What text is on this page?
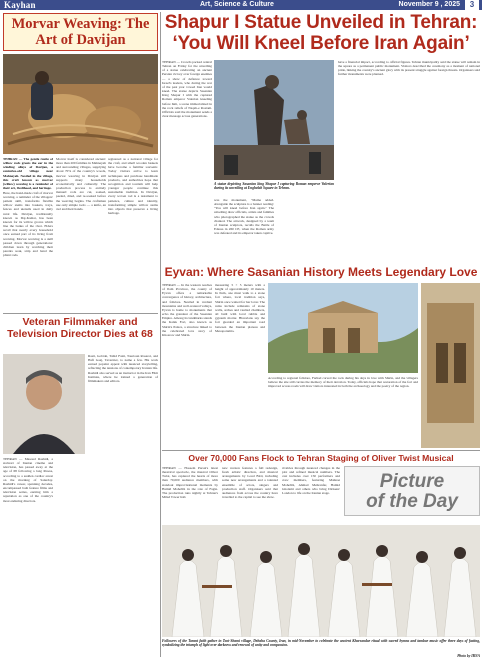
Kayhan	Art, Science & Culture	November 9 , 2025	3
Morvar Weaving: The Art of Davijan

TEHRAN — The gentle rustle of willow rods greets the ear in the winding alleys of Davijan, a centuries-old village near Mahneyeh. Nestled in the village, this craft known as morvar (willow) weaving is a reminder of their art, livelihood, and heritage.

Here, the hand-made craft of morvar weaving, a reminder of the villagers' patient skill, transforms flexible willow stems into baskets, trays, fences and utensils used in daily rural life. Davijan, traditionally known as Daj-Kamar, has been known for its willow groves which line the banks of the river. Elders recall that nearly every household once earned part of its living from weaving. Morvar weaving is a skill passed down through generations: children learn by watching their parents soak, strip and bend the pliant rods.

Morvar itself is considered ancient: more than 200 families in Mahneyeh and surrounding villages, supplying about 70% of the country's woods, morvar weaving in Davijan still supports many households economically and culturally. The production process is entirely manual: rods are cut, soaked, peeled, dried, and re-soaked before the weaving begins. The craftsmen use only simple tools — a knife, an awl and their hands.

registered as a national village for the craft, and small wooden baskets have become a familiar souvenir. Today visitors arrive to learn techniques and purchase handmade products, and authorities hope that recognition and tourism will help younger people continue this sustainable tradition. In Davijan, every woven rod is a testament to patience, culture and identity, transforming simple willow stems into objects that preserve a living heritage.

Shapur I Statue Unveiled in Tehran: ‘You Will Kneel Before Iran Again’

TEHRAN — Crowds packed central Tehran on Friday for the unveiling of a statue celebrating an ancient Persian victory over foreign enemies — a show of defiance toward Israel's leaders, who during the war of the past year vowed Iran would kneel. The statue depicts Sasanian King Shapur I with the captured Roman emperor Valerian kneeling before him, a scene immortalized in the rock reliefs of Naqsh-e Rostam. Officials said the monument sends a clear message across generations.

A statue depicting Sasanian king Shapur I capturing Roman emperor Valerian during its unveiling at Enghelab Square in Tehran.

was the monument, "Mama added. Alongside the sculpture is a banner reading: "You will kneel before Iran again." The unveiling drew officials, artists and families who photographed the statue as the crowds chanted. The artwork, designed by a team of Iranian sculptors, recalls the Battle of Edessa in 260 CE, when the Roman army was defeated and its emperor taken captive.

have a financial impact, according to official figures. Tehran municipality said the statue will remain in the square as a permanent public monument. Visitors described the ceremony as a moment of national pride, linking the country's ancient glory with its present struggle against foreign threats. Organisers said further monuments were planned.

Eyvan: Where Sasanian History Meets Legendary Love

TEHRAN — In the western reaches of Ilam Province, the county of Eyvan offers a remarkable convergence of history, architecture, and folklore. Nestled in verdant mountains and well-watered valleys, Eyvan is home to monuments that echo the grandeur of the Sasanian Empire. Among its landmarks stands the Kalak Fort, also known as Shirin's Palace, a structure linked to the celebrated love story of Khosrow and Shirin.

measuring 5 × 5 meters with a height of approximately 10 meters. In Ilam, one must walk to a stone fort where, local tradition says, Shirin once waited for her lover. The ruins include remnants of stone walls, arches and vaulted chambers, all built with local rubble and gypsum mortar. Historians say the fort guarded an important road between the Iranian plateau and Mesopotamia.

According to regional folklore, Farhad carved the rock during his days in love with Shirin, and the villagers believe the site still carries the memory of their devotion. Today, officials hope that restoration of the fort and improved access roads will draw visitors interested in both the archaeology and the poetry of the region.

Veteran Filmmaker and Television Director Dies at 68

TEHRAN — Masoud Rashidi, a stalwart of Iranian cinema and television, has passed away at the age of 68 following a long illness, according to a sudden cardiac arrest on the morning of Saturday. Rashidi's career, spanning decades, encompassed both feature films and television series, earning him a reputation as one of the country's most enduring directors.

Rasti, Gobrah, Tohid Faizi, Tourtoun Rosaroi, and Hafi Gaaj, Tavernier, to name a few. His work earned popular appeal with nuanced storytelling, reflecting the tensions of contemporary Iranian life. Rashidi also served as an instructor in the Iran Film Institute, where he trained a generation of filmmakers and editors.

Over 70,000 Fans Flock to Tehran Staging of Oliver Twist Musical

TEHRAN — Hossein Parsai's latest theatrical spectacle, the musical Oliver Twist, has captured the hearts of more than 70,000 audience members, with standout improvisational moments by Hamid Mohebbi in the role of Fagin. The production runs nightly at Tehran's Milad Tower hall.

new version features a full redesign, fresh artistic direction, and musical arrangements by Loud Bird, including some new arrangements and a talented ensemble of actors, singers and production staff. Organisers said that audiences from across the country have travelled to the capital to see the show.

rivalries through nuanced changes in the plot and refined musical numbers. The cast includes over 150 performers and crew members, featuring Mahnaz Mohebbi, Ahmad Mehranfar, Hamid Gholami and others who bring Dickens' London to life on the Iranian stage.

Picture
of the Day
Followers of the Tarant faith gather in Toot-Shami village, Dehaha County, Iran, in mid-November to celebrate the ancient Khorsandur ritual with sacred hymns and tambur music offer three days of fasting, symbolizing the triumph of light over darkness and renewal of unity and compassion.
Photo by IRNA
